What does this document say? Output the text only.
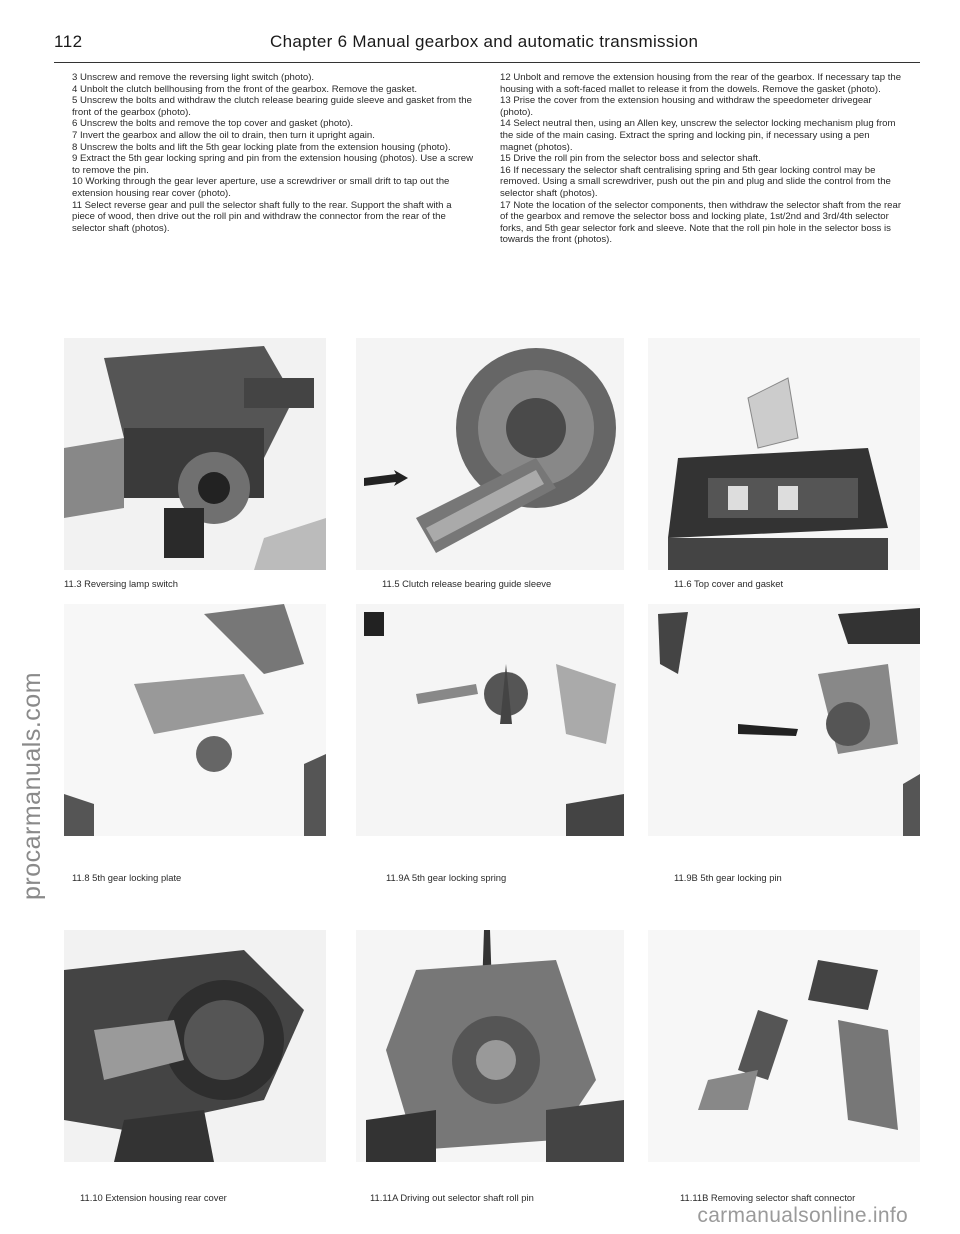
112	Chapter 6 Manual gearbox and automatic transmission

3 Unscrew and remove the reversing light switch (photo).

4 Unbolt the clutch bellhousing from the front of the gearbox. Remove the gasket.

5 Unscrew the bolts and withdraw the clutch release bearing guide sleeve and gasket from the front of the gearbox (photo).

6 Unscrew the bolts and remove the top cover and gasket (photo).

7 Invert the gearbox and allow the oil to drain, then turn it upright again.

8 Unscrew the bolts and lift the 5th gear locking plate from the extension housing (photo).

9 Extract the 5th gear locking spring and pin from the extension housing (photos). Use a screw to remove the pin.

10 Working through the gear lever aperture, use a screwdriver or small drift to tap out the extension housing rear cover (photo).

11 Select reverse gear and pull the selector shaft fully to the rear. Support the shaft with a piece of wood, then drive out the roll pin and withdraw the connector from the rear of the selector shaft (photos).

12 Unbolt and remove the extension housing from the rear of the gearbox. If necessary tap the housing with a soft-faced mallet to release it from the dowels. Remove the gasket (photo).

13 Prise the cover from the extension housing and withdraw the speedometer drivegear (photo).

14 Select neutral then, using an Allen key, unscrew the selector locking mechanism plug from the side of the main casing. Extract the spring and locking pin, if necessary using a pen magnet (photos).

15 Drive the roll pin from the selector boss and selector shaft.

16 If necessary the selector shaft centralising spring and 5th gear locking control may be removed. Using a small screwdriver, push out the pin and plug and slide the control from the selector shaft (photos).

17 Note the location of the selector components, then withdraw the selector shaft from the rear of the gearbox and remove the selector boss and locking plate, 1st/2nd and 3rd/4th selector forks, and 5th gear selector fork and sleeve. Note that the roll pin hole in the selector boss is towards the front (photos).

11.3 Reversing lamp switch	11.5 Clutch release bearing guide sleeve	11.6 Top cover and gasket
11.8 5th gear locking plate	11.9A 5th gear locking spring	11.9B 5th gear locking pin
11.10 Extension housing rear cover	11.11A Driving out selector shaft roll pin	11.11B Removing selector shaft connector
procarmanuals.com
carmanualsonline.info
